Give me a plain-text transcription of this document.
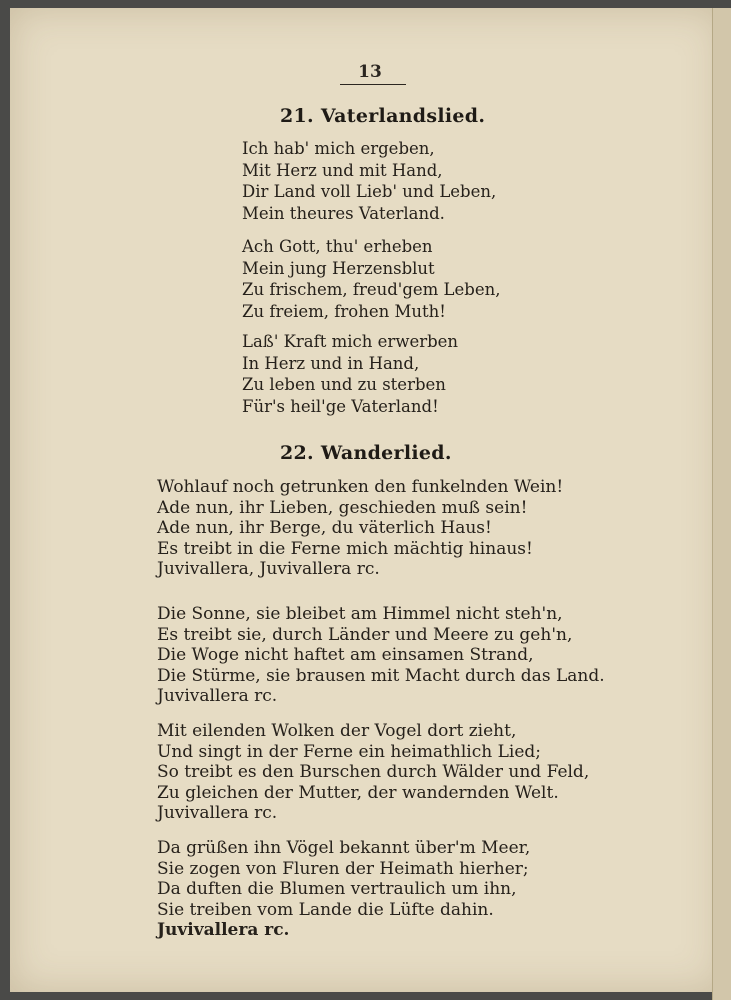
13
21. Vaterlandslied.
Ich hab' mich ergeben,
Mit Herz und mit Hand,
Dir Land voll Lieb' und Leben,
Mein theures Vaterland.
Ach Gott, thu' erheben
Mein jung Herzensblut
Zu frischem, freud'gem Leben,
Zu freiem, frohen Muth!
Laß' Kraft mich erwerben
In Herz und in Hand,
Zu leben und zu sterben
Für's heil'ge Vaterland!
22. Wanderlied.
Wohlauf noch getrunken den funkelnden Wein!
Ade nun, ihr Lieben, geschieden muß sein!
Ade nun, ihr Berge, du väterlich Haus!
Es treibt in die Ferne mich mächtig hinaus!
Juvivallera, Juvivallera rc.
Die Sonne, sie bleibet am Himmel nicht steh'n,
Es treibt sie, durch Länder und Meere zu geh'n,
Die Woge nicht haftet am einsamen Strand,
Die Stürme, sie brausen mit Macht durch das Land.
Juvivallera rc.
Mit eilenden Wolken der Vogel dort zieht,
Und singt in der Ferne ein heimathlich Lied;
So treibt es den Burschen durch Wälder und Feld,
Zu gleichen der Mutter, der wandernden Welt.
Juvivallera rc.
Da grüßen ihn Vögel bekannt über'm Meer,
Sie zogen von Fluren der Heimath hierher;
Da duften die Blumen vertraulich um ihn,
Sie treiben vom Lande die Lüfte dahin.
Juvivallera rc.
